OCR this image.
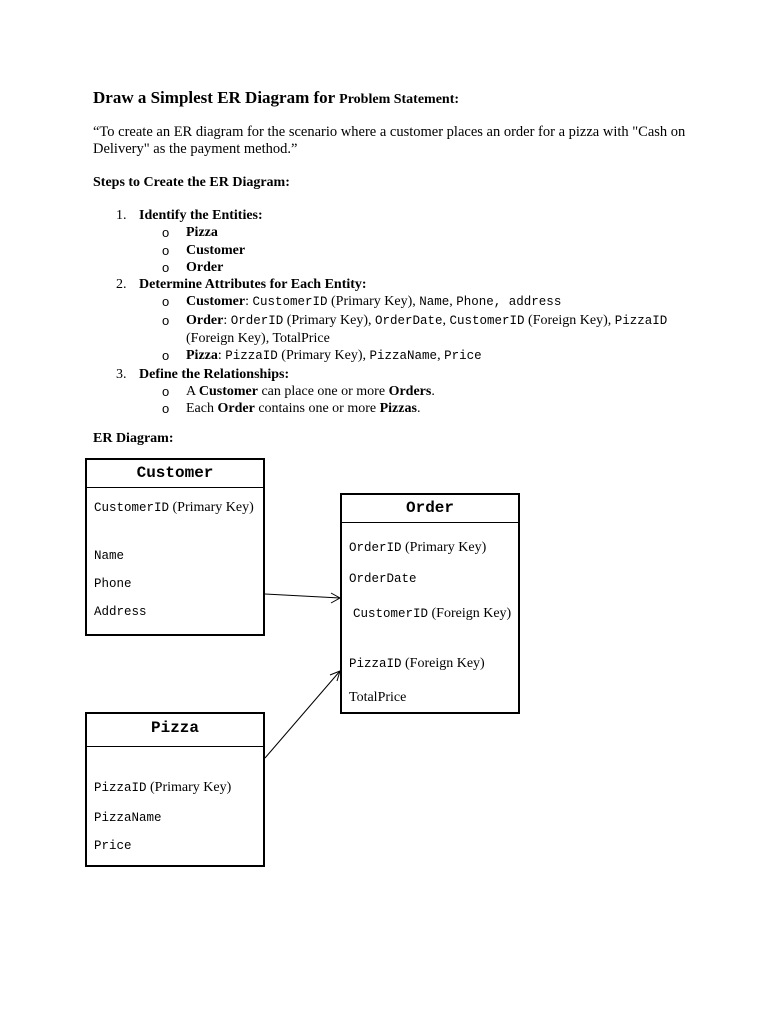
Draw a Simplest ER Diagram for Problem Statement:

“To create an ER diagram for the scenario where a customer places an order for a pizza with "Cash on Delivery" as the payment method.”

Steps to Create the ER Diagram:

1. Identify the Entities:
o Pizza
o Customer
o Order
2. Determine Attributes for Each Entity:
o Customer: CustomerID (Primary Key), Name, Phone, address
o Order: OrderID (Primary Key), OrderDate, CustomerID (Foreign Key), PizzaID (Foreign Key), TotalPrice
o Pizza: PizzaID (Primary Key), PizzaName, Price
3. Define the Relationships:
o A Customer can place one or more Orders.
o Each Order contains one or more Pizzas.

ER Diagram:

Customer
CustomerID (Primary Key)
Name
Phone
Address
Order
OrderID (Primary Key)
OrderDate
CustomerID (Foreign Key)
PizzaID (Foreign Key)
TotalPrice
Pizza
PizzaID (Primary Key)
PizzaName
Price
